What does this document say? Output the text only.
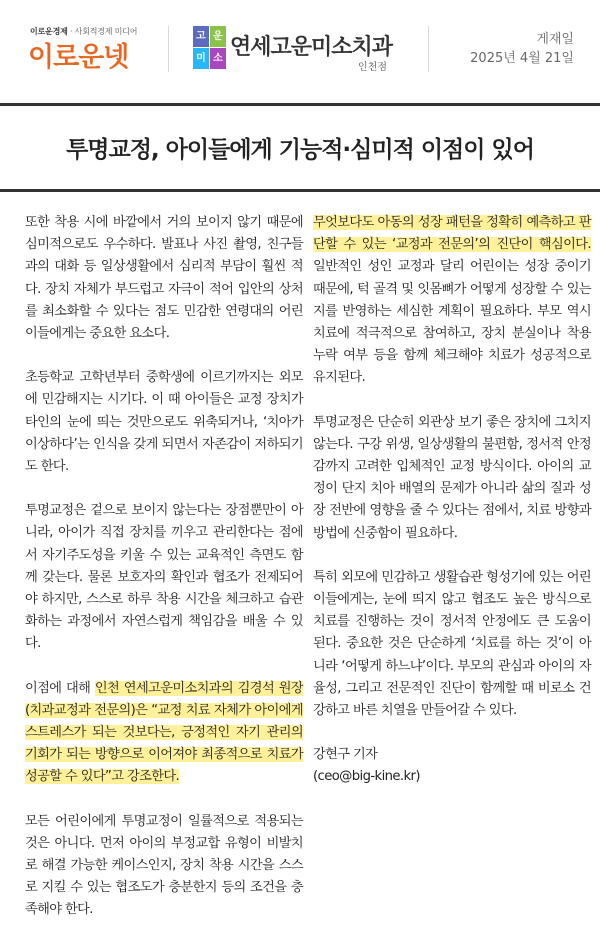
이로운경제 · 사회적경제 미디어
이로운넷
고 운
미 소 연세고운미소치과
인천점
게재일
2025년 4월 21일
투명교정, 아이들에게 기능적·심미적 이점이 있어

또한 착용 시에 바깥에서 거의 보이지 않기 때문에 심미적으로도 우수하다. 발표나 사진 촬영, 친구들과의 대화 등 일상생활에서 심리적 부담이 훨씬 적다. 장치 자체가 부드럽고 자극이 적어 입안의 상처를 최소화할 수 있다는 점도 민감한 연령대의 어린이들에게는 중요한 요소다.

초등학교 고학년부터 중학생에 이르기까지는 외모에 민감해지는 시기다. 이 때 아이들은 교정 장치가 타인의 눈에 띄는 것만으로도 위축되거나, ‘치아가 이상하다’는 인식을 갖게 되면서 자존감이 저하되기도 한다.

투명교정은 겉으로 보이지 않는다는 장점뿐만이 아니라, 아이가 직접 장치를 끼우고 관리한다는 점에서 자기주도성을 키울 수 있는 교육적인 측면도 함께 갖는다. 물론 보호자의 확인과 협조가 전제되어야 하지만, 스스로 하루 착용 시간을 체크하고 습관화하는 과정에서 자연스럽게 책임감을 배울 수 있다.

이점에 대해 인천 연세고운미소치과의 김경석 원장(치과교정과 전문의)은 “교정 치료 자체가 아이에게 스트레스가 되는 것보다는, 긍정적인 자기 관리의 기회가 되는 방향으로 이어져야 최종적으로 치료가 성공할 수 있다”고 강조한다.

모든 어린이에게 투명교정이 일률적으로 적용되는 것은 아니다. 먼저 아이의 부정교합 유형이 비발치로 해결 가능한 케이스인지, 장치 착용 시간을 스스로 지킬 수 있는 협조도가 충분한지 등의 조건을 충족해야 한다.

무엇보다도 아동의 성장 패턴을 정확히 예측하고 판단할 수 있는 ‘교정과 전문의’의 진단이 핵심이다. 일반적인 성인 교정과 달리 어린이는 성장 중이기 때문에, 턱 골격 및 잇몸뼈가 어떻게 성장할 수 있는지를 반영하는 세심한 계획이 필요하다. 부모 역시 치료에 적극적으로 참여하고, 장치 분실이나 착용 누락 여부 등을 함께 체크해야 치료가 성공적으로 유지된다.

투명교정은 단순히 외관상 보기 좋은 장치에 그치지 않는다. 구강 위생, 일상생활의 불편함, 정서적 안정감까지 고려한 입체적인 교정 방식이다. 아이의 교정이 단지 치아 배열의 문제가 아니라 삶의 질과 성장 전반에 영향을 줄 수 있다는 점에서, 치료 방향과 방법에 신중함이 필요하다.

특히 외모에 민감하고 생활습관 형성기에 있는 어린이들에게는, 눈에 띄지 않고 협조도 높은 방식으로 치료를 진행하는 것이 정서적 안정에도 큰 도움이 된다. 중요한 것은 단순하게 ‘치료를 하는 것’이 아니라 ‘어떻게 하느냐’이다. 부모의 관심과 아이의 자율성, 그리고 전문적인 진단이 함께할 때 비로소 건강하고 바른 치열을 만들어갈 수 있다.

강현구 기자
(ceo@big-kine.kr)
